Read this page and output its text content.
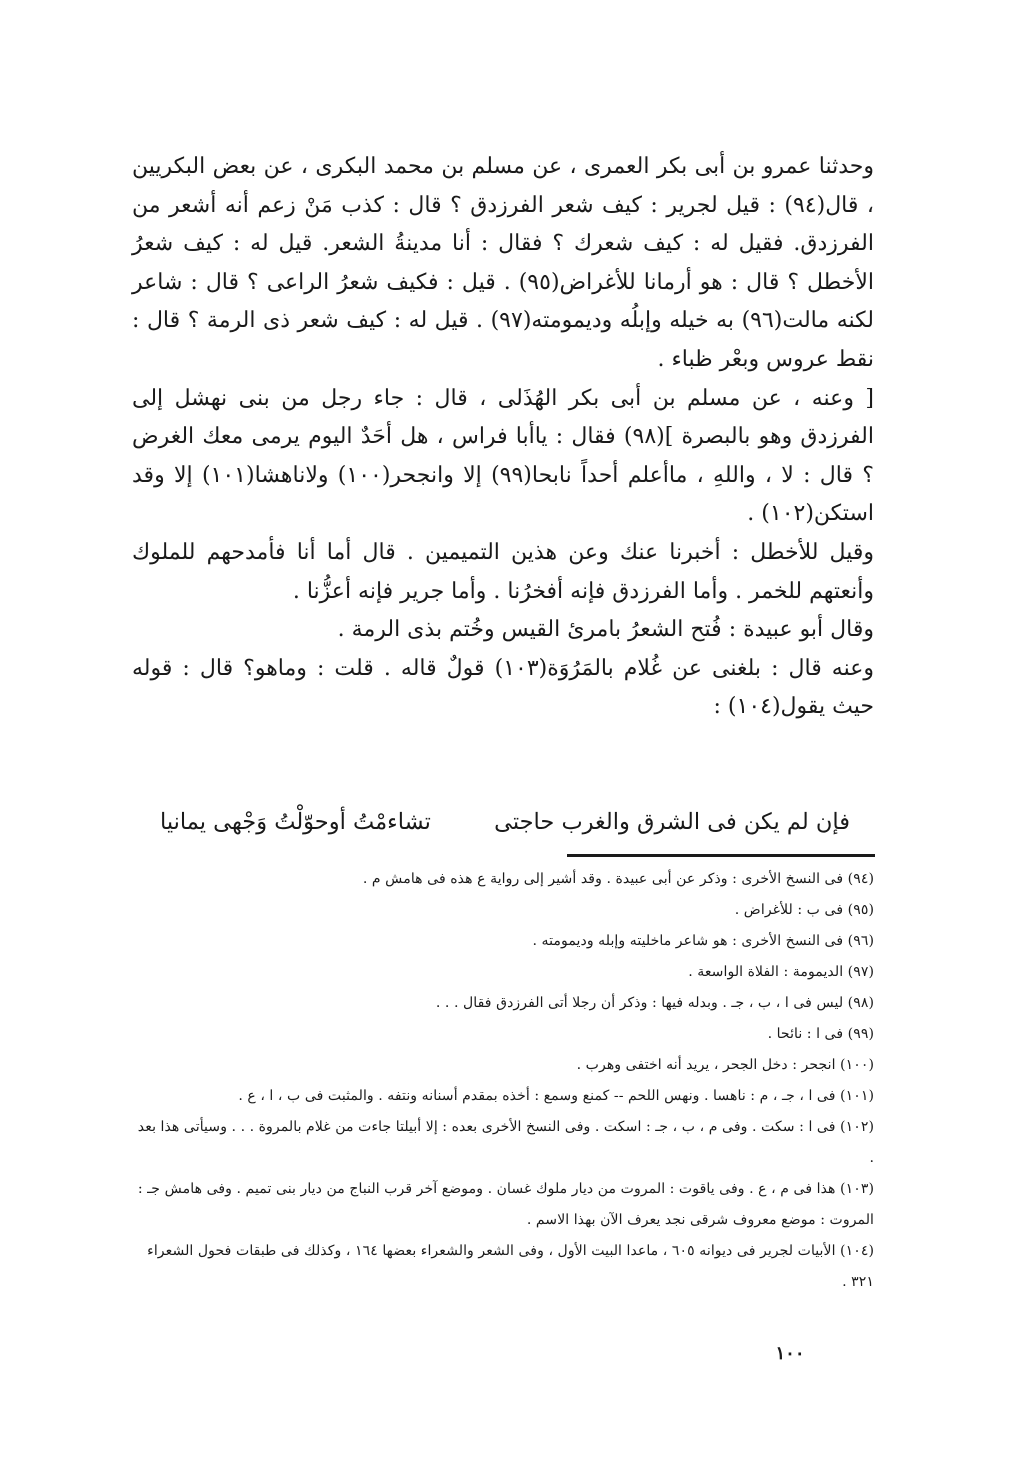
وحدثنا عمرو بن أبى بكر العمرى ، عن مسلم بن محمد البكرى ، عن بعض البكريين ، قال(٩٤) : قيل لجرير : كيف شعر الفرزدق ؟ قال : كذب مَنْ زعم أنه أشعر من الفرزدق. فقيل له : كيف شعرك ؟ فقال : أنا مدينةُ الشعر. قيل له : كيف شعرُ الأخطل ؟ قال : هو أرمانا للأغراض(٩٥) . قيل : فكيف شعرُ الراعى ؟ قال : شاعر لكنه مالت(٩٦) به خيله وإبلُه وديمومته(٩٧) . قيل له : كيف شعر ذى الرمة ؟ قال : نقط عروس وبعْر ظباء .

[ وعنه ، عن مسلم بن أبى بكر الهُذَلى ، قال : جاء رجل من بنى نهشل إلى الفرزدق وهو بالبصرة ](٩٨) فقال : ياأبا فراس ، هل أحَدٌ اليوم يرمى معك الغرض ؟ قال : لا ، واللهِ ، ماأعلم أحداً نابحا(٩٩) إلا وانجحر(١٠٠) ولاناهشا(١٠١) إلا وقد استكن(١٠٢) .

وقيل للأخطل : أخبرنا عنك وعن هذين التميمين . قال أما أنا فأمدحهم للملوك وأنعتهم للخمر . وأما الفرزدق فإنه أفخرُنا . وأما جرير فإنه أعزُّنا .

وقال أبو عبيدة : فُتح الشعرُ بامرئ القيس وخُتم بذى الرمة .

وعنه قال : بلغنى عن غُلام بالمَرُوَة(١٠٣) قولٌ قاله . قلت : وماهو؟ قال : قوله حيث يقول(١٠٤) :

فإن لم يكن فى الشرق والغرب حاجتى
تشاءمْتُ أوحوّلْتُ وَجْهى يمانيا

(٩٤) فى النسخ الأخرى : وذكر عن أبى عبيدة . وقد أشير إلى رواية ع هذه فى هامش م .

(٩٥) فى ب : للأغراض .

(٩٦) فى النسخ الأخرى : هو شاعر ماخليته وإبله وديمومته .

(٩٧) الديمومة : الفلاة الواسعة .

(٩٨) ليس فى ا ، ب ، جـ . وبدله فيها : وذكر أن رجلا أتى الفرزدق فقال . . .

(٩٩) فى ا : نائحا .

(١٠٠) انجحر : دخل الجحر ، يريد أنه اختفى وهرب .

(١٠١) فى ا ، جـ ، م : ناهسا . ونهس اللحم -- كمنع وسمع : أخذه بمقدم أسنانه ونتفه . والمثبت فى ب ، ا ، ع .

(١٠٢) فى ا : سكت . وفى م ، ب ، جـ : اسكت . وفى النسخ الأخرى بعده : إلا أبيلتا جاءت من غلام بالمروة . . . وسيأتى هذا بعد .

(١٠٣) هذا فى م ، ع . وفى ياقوت : المروت من ديار ملوك غسان . وموضع آخر قرب النباج من ديار بنى تميم . وفى هامش جـ : المروت : موضع معروف شرقى نجد يعرف الآن بهذا الاسم .

(١٠٤) الأبيات لجرير فى ديوانه ٦٠٥ ، ماعدا البيت الأول ، وفى الشعر والشعراء بعضها ١٦٤ ، وكذلك فى طبقات فحول الشعراء ٣٢١ .

١٠٠
